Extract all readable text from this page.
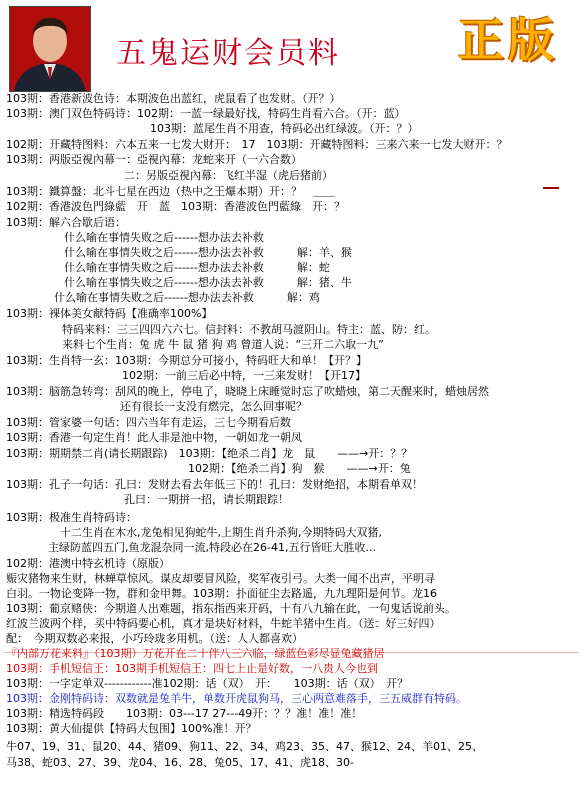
五鬼运财会员料	正版
103期：香港新波色诗：本期波色出蓝红，虎鼠看了也发财。（开？）
103期：澳门双色特码诗：102期：一蓝一绿最好找，特码生肖看六合。（开：蓝）
103期：蓝尾生肖不用查，特码必出红绿波。（开：？）
102期：开藏特图料：六本五来一七发大财开：　17　103期：开藏特图料：三来六来一七发大财开：？
103期：两版亞視內幕一：亞視內幕：龙蛇来开（一六合数）
二：另版亞視內幕：飞红半湿（虎后猪前）
103期：鐵算盤：北斗七星在西边（热中之王爆本期）开：？　＿＿
102期：香港波色門綠藍　开　蓝　103期：香港波色門藍綠　开：？
103期：解六合歇后语：
什么喻在事情失败之后------想办法去补救
什么喻在事情失败之后------想办法去补救　　　解：羊、猴
什么喻在事情失败之后------想办法去补救　　　解：蛇
什么喻在事情失败之后------想办法去补救　　　解：猪、牛
什么喻在事情失败之后------想办法去补救　　　解：鸡
103期：裸体美女献特码【准确率100%】
特码来料：三三四四六六七。信封料：不教胡马渡阴山。特主：蓝、防：红。
来料七个生肖：兔 虎 牛 鼠 猪 狗 鸡 曾道人说：“三开二六取一九”
103期：生肖特一玄：103期：今期总分可接小，特码旺大和单！【开？】
102期：一前三后必中特，一三来发财！【开17】
103期：脑筋急转弯：刮风的晚上，停电了，晓晓上床睡觉时忘了吹蜡烛，第二天醒来时，蜡烛居然
还有很长一支没有燃完，怎么回事呢？
103期：管家婆一句话：四六当年有走运，三七今期看后数
103期：香港一句定生肖！此人非是池中物，一朝如龙一朝凤
103期：期期禁二肖(请长期跟踪)　103期：【绝杀二肖】龙　鼠　　——→开：？？
102期：【绝杀二肖】狗　猴　　——→开：兔
103期：孔子一句话：孔曰：发财去看去年低三下的！孔曰：发财绝招，本期看单双！
孔曰：一期拼一招，请长期跟踪！
103期：极准生肖特码诗：
十二生肖在木水,龙兔相见狗蛇牛,上期生肖升杀狗,今期特码大双猪,
主绿防蓝四五门,鱼龙混杂同一流,特段必在26-41,五行皆旺大胜收...
102期：港澳中特玄机诗（原版）
赈灾猪物来生财，林蝉草惊风。谋皮却要冒风险，奖军夜引弓。大类一闻不出声，平明寻
白羽。一物论变降一物，群和金甲舞。103期：扑面征尘去路遥，九九理阳是何节。龙16
103期：葡京赌侠：今期道人出难题，指东指西来开码，十有八九输在此，一句鬼话说前头。
红波兰波两个样，买中特码要心机，真才是块好材料，牛蛇羊猪中生肖。（送：好三好四）
配：　今期双数必来报，小巧玲珑多用机。（送：人人都喜欢）
『内部万花来料』（103期）万花开在二十伴八三六临，绿蓝色彩尽显兔藏猪居
103期：手机短信王：103期手机短信王：四七上止是好数，一八贵人今也到
103期：一字定单双------------准102期：话（双）　开：　　103期：话（双）　开？
103期：金刚特码诗：双数就是兔羊牛，单数开虎鼠狗马，三心两意难落手，三五威群有特码。
103期：精选特码段　　103期：03---17 27---49开：？？准！准！准！
103期：黄大仙提供【特码大包围】100%准！开？
牛07、19、31、鼠20、44、猪09、狗11、22、34、鸡23、35、47、猴12、24、羊01、25、
马38、蛇03、27、39、龙04、16、28、兔05、17、41、虎18、30-
